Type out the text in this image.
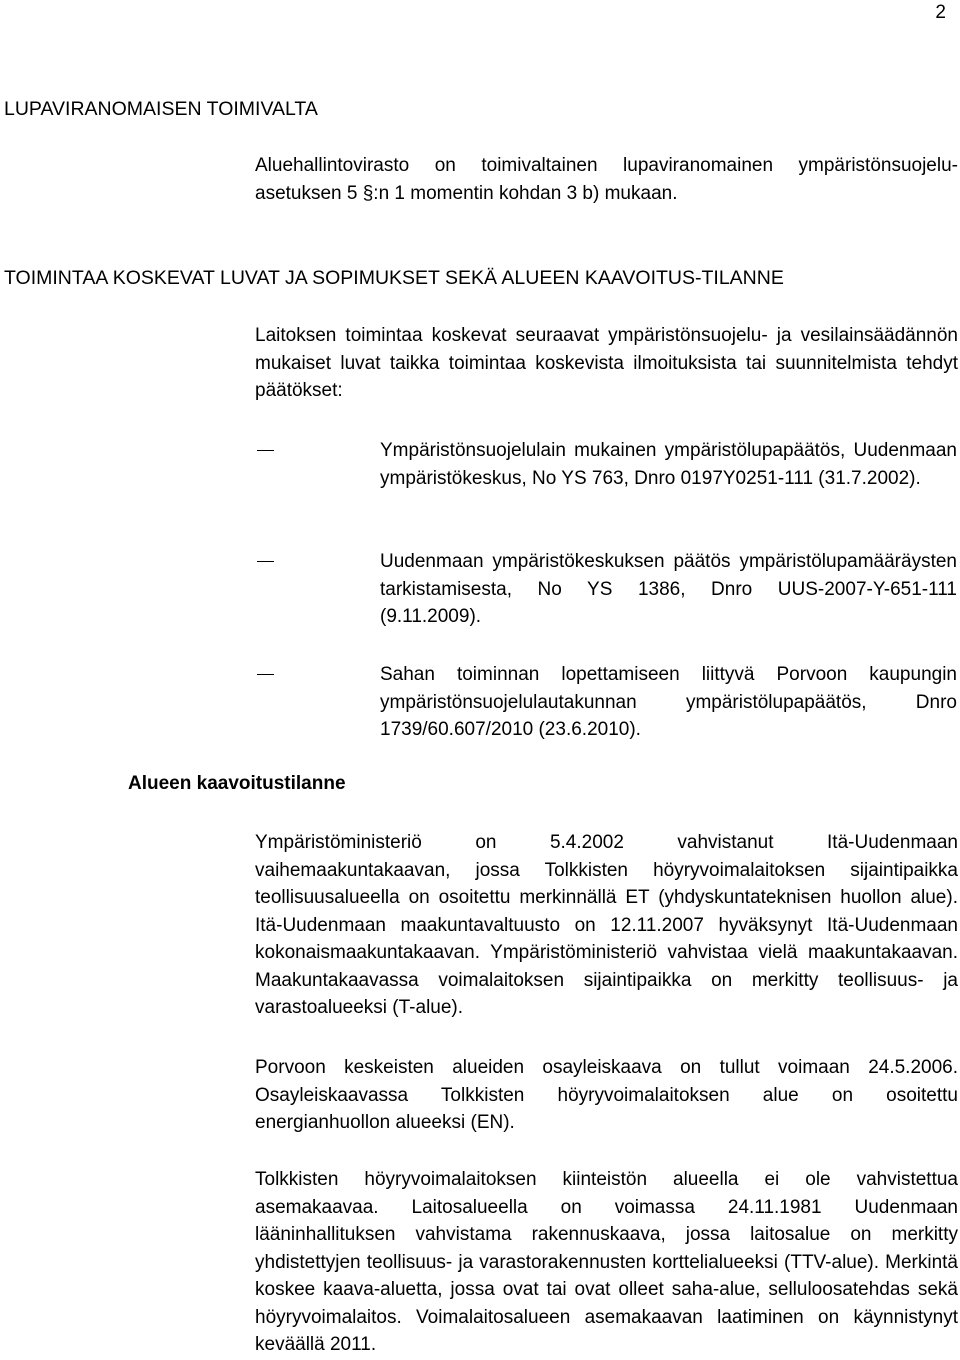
2
LUPAVIRANOMAISEN TOIMIVALTA

Aluehallintovirasto on toimivaltainen lupaviranomainen ympäristönsuojelu-asetuksen 5 §:n 1 momentin kohdan 3 b) mukaan.

TOIMINTAA KOSKEVAT LUVAT JA SOPIMUKSET SEKÄ ALUEEN KAAVOITUS-TILANNE

Laitoksen toimintaa koskevat seuraavat ympäristönsuojelu- ja vesilainsäädännön mukaiset luvat taikka toimintaa koskevista ilmoituksista tai suunnitelmista tehdyt päätökset:

Ympäristönsuojelulain mukainen ympäristölupapäätös, Uudenmaan ympäristökeskus, No YS 763, Dnro 0197Y0251-111 (31.7.2002).

Uudenmaan ympäristökeskuksen päätös ympäristölupamääräysten tarkistamisesta, No YS 1386, Dnro UUS-2007-Y-651-111 (9.11.2009).

Sahan toiminnan lopettamiseen liittyvä Porvoon kaupungin ympäristönsuojelulautakunnan ympäristölupapäätös, Dnro 1739/60.607/2010 (23.6.2010).

Alueen kaavoitustilanne

Ympäristöministeriö on 5.4.2002 vahvistanut Itä-Uudenmaan vaihemaakuntakaavan, jossa Tolkkisten höyryvoimalaitoksen sijaintipaikka teollisuusalueella on osoitettu merkinnällä ET (yhdyskuntateknisen huollon alue). Itä-Uudenmaan maakuntavaltuusto on 12.11.2007 hyväksynyt Itä-Uudenmaan kokonaismaakuntakaavan. Ympäristöministeriö vahvistaa vielä maakuntakaavan. Maakuntakaavassa voimalaitoksen sijaintipaikka on merkitty teollisuus- ja varastoalueeksi (T-alue).

Porvoon keskeisten alueiden osayleiskaava on tullut voimaan 24.5.2006. Osayleiskaavassa Tolkkisten höyryvoimalaitoksen alue on osoitettu energianhuollon alueeksi (EN).

Tolkkisten höyryvoimalaitoksen kiinteistön alueella ei ole vahvistettua asemakaavaa. Laitosalueella on voimassa 24.11.1981 Uudenmaan lääninhallituksen vahvistama rakennuskaava, jossa laitosalue on merkitty yhdistettyjen teollisuus- ja varastorakennusten korttelialueeksi (TTV-alue). Merkintä koskee kaava-aluetta, jossa ovat tai ovat olleet saha-alue, selluloosatehdas sekä höyryvoimalaitos. Voimalaitosalueen asemakaavan laatiminen on käynnistynyt keväällä 2011.
